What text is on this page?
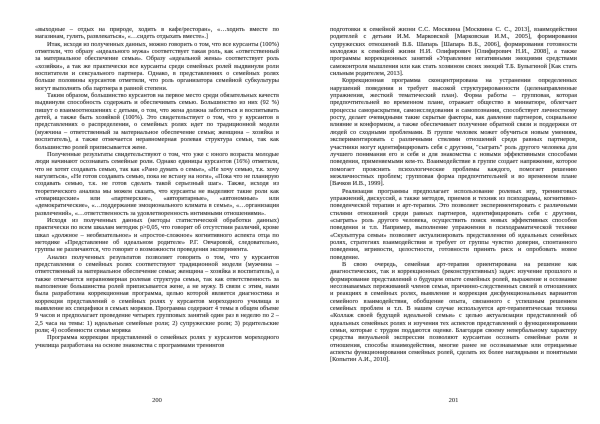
«выходные – отдых на природе, ходить в кафе/ресторан», «…ходить вместе по магазинам, гулять, развлекаться», «…сидеть отдыхать вместе».]

Итак, исходя из полученных данных, можно говорить о том, что все курсанты (100%) отметили, что образу «идеального мужа» соответствует такая роль, как «ответственный за материальное обеспечение семьи». Образу «идеальной жены» соответствует роль «хозяйки», а так же практически все курсанты среди семейных ролей выдвинули роли воспитателя и сексуального партнера. Однако, в представлениях о семейных ролях больше половины курсантов отметили, что роль организатора семейной субкультуры могут выполнять оба партнера в равной степени.

Таким образом, большинство курсантов на первое место среди обязательных качеств выдвинули способность содержать и обеспечивать семью. Большинство из них (92 %) пишут о взаимоотношениях с детьми, о том, что жена должна заботиться и воспитывать детей, а также быть хозяйкой (100%). Это свидетельствует о том, что у курсантов в представлениях о распределении, о семейных ролях идет по традиционной модели (мужчина – ответственный за материальное обеспечение семьи; женщина – хозяйка и воспитатель), а также отмечается неравномерная ролевая структура семьи, так как большинство ролей приписывается жене.

Полученные результаты свидетельствуют о том, что уже с юного возраста молодые люди начинают осознавать семейные роли. Однако единицы курсантов (16%) отметили, что не хотят создавать семью, так как «Рано думать о семье», «Не хочу семью, т.к. хочу нагуляться», «Не готов создавать семью, пока не встану на ноги», «Пока что не планирую создавать семью, т.к. не готов сделать такой серьезный шаг». Также, исходя из теоретического анализа мы можем сказать, что курсанты не выделяют такие роли как «товарищеские» или «партнерские», «авторитарные», «автономные» или «демократические», «…поддержание эмоционального климата в семье», «…организация развлечений», «…ответственность за удовлетворенность интимными отношениями».

Исходя из полученных данных (методы статистической обработки данных) практически по всем шкалам методик p>0,05, что говорит об отсутствии различий, кроме шкал «должное – необязательное» и «простое-сложное» когнитивного аспекта отца по методике «Представление об идеальном родителе» Р.Г. Овчаровой, следовательно, группы не различаются, что говорит о возможности проведения эксперимента.

Анализ полученных результатов позволяет говорить о том, что у курсантов представления о семейных ролях соответствуют традиционной модели (мужчина – ответственный за материальное обеспечение семьи; женщина – хозяйка и воспитатель), а также отмечается неравномерная ролевая структура семьи, так как ответственность за выполнение большинства ролей приписывается жене, а не мужу. В связи с этим, нами была разработана коррекционная программа, целью которой является диагностика и коррекция представлений о семейных ролях у курсантов мореходного училища и выявление их специфики в семьях моряков. Программа содержит 4 темы в общем объеме 9 часов и предполагает проведение четырех групповых занятий один раз в неделю по 2 – 2,5 часа на темы: 1) идеальные семейные роли; 2) супружеские роли; 3) родительские роли; 4) особенности семьи моряка

Программа коррекции представлений о семейных ролях у курсантов мореходного училища разработана на основе знакомства с программами тренингов

200

подготовки к семейной жизни С.С. Москвина [Москвина С. С., 2013], взаимодействия родителей с детьми И.М. Марковской [Марковская И.М., 2005], формирования супружеских отношений В.Б. Шапарь [Шапарь В.Б., 2006], формирования готовности молодежи к семейной жизни Н.И. Олифирович [Олифирович Н.И., 2008], а также программы коррекционных занятий «Управление негативными эмоциями средствами самоконтроля мышления или как стать хозяином своих эмоций Т.Б. Булыгиной [Как стать сильным родителем, 2013].

Коррекционная программа сконцентрирована на устранении определенных нарушений поведения и требует высокой структурированности (целенаправленные упражнения, жесткий тематический план). Форма работы – групповая, которая предпочтительней во временном плане, отражает общество в миниатюре, облегчает процессы самораскрытия, самоисследования и самопознания, способствует личностному росту, делает очевидными такие скрытые факторы, как давление партнеров, социальное влияние и конформизм, а также обеспечивает получение обратной связи и поддержки от людей со сходными проблемами. В группе человек может обучиться новым умениям, экспериментировать с различными стилями отношений среди равных партнеров, участники могут идентифицировать себя с другими, "сыграть" роль другого человека для лучшего понимания его и себя и для знакомства с новыми эффективными способами поведения, применяемыми кем-то. Взаимодействие в группе создает напряжение, которое помогает прояснить психологические проблемы каждого, помогает решению межличностных проблем; групповая форма предпочтительней и во временном плане [Вачков И.В., 1999].

Реализация программы предполагает использование ролевых игр, тренинговых упражнений, дискуссий, а также методов, приемов и техник из психодрамы, когнитивно-поведенческой терапии и арт-терапии. Это позволяет экспериментировать с различными стилями отношений среди равных партнеров, идентифицировать себя с другими, «сыграть» роль другого человека, осуществить поиск новых эффективных способов поведения и т.п. Например, выполнение упражнения в психодраматической технике «Скульптура семьи» позволяет актуализировать представления об идеальных семейных ролях, стратегиях взаимодействия и требует от группы чувство доверия, спонтанного поведения, игривости, целостности, готовности принять риск и опробовать новое поведение.

В свою очередь, семейная арт-терапия ориентирована на решение как диагностических, так и коррекционных (реконструктивных) задач: изучение прошлого и формирование представлений о будущем опыте семейных ролей, выражение и осознание несознаваемых переживаний членов семьи, причинно-следственных связей в отношениях и реакциях в семейных ролях, выявление и коррекция дисфункциональных вариантов семейного взаимодействия, обобщение опыта, связанного с успешным решением семейных проблем и т.п. В нашем случае используется арт-терапевтическая техника «Коллаж своей будущей идеальной семьи» с целью актуализации представлений об идеальных семейных ролях и изучения тех аспектов представлений о функционировании семьи, которые с трудом поддаются оценке. Благодаря своему невербальному характеру средства визуальной экспрессии позволяют курсантам осознать семейные роли и отношения, способы взаимодействия, многие ранее не осознаваемые или отрицаемые аспекты функционирования семейных ролей, сделать их более наглядными и понятными [Копытин А.И., 2010].

201
